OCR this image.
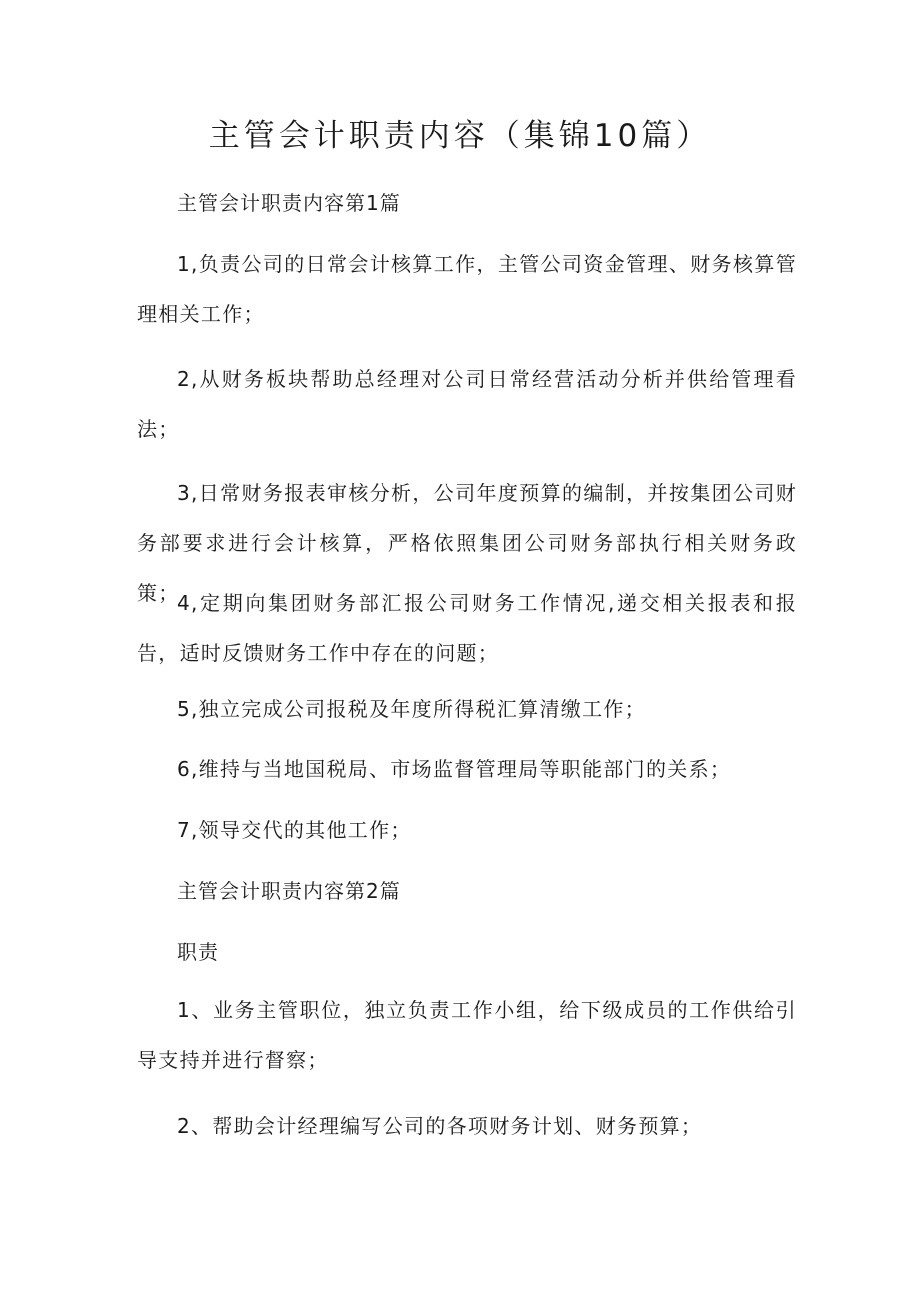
主管会计职责内容（集锦10篇）
主管会计职责内容第1篇
1,负责公司的日常会计核算工作，主管公司资金管理、财务核算管理相关工作；
2,从财务板块帮助总经理对公司日常经营活动分析并供给管理看法；
3,日常财务报表审核分析，公司年度预算的编制，并按集团公司财务部要求进行会计核算，严格依照集团公司财务部执行相关财务政策；
4,定期向集团财务部汇报公司财务工作情况,递交相关报表和报告，适时反馈财务工作中存在的问题；
5,独立完成公司报税及年度所得税汇算清缴工作；
6,维持与当地国税局、市场监督管理局等职能部门的关系；
7,领导交代的其他工作；
主管会计职责内容第2篇
职责
1、业务主管职位，独立负责工作小组，给下级成员的工作供给引导支持并进行督察；
2、帮助会计经理编写公司的各项财务计划、财务预算；
